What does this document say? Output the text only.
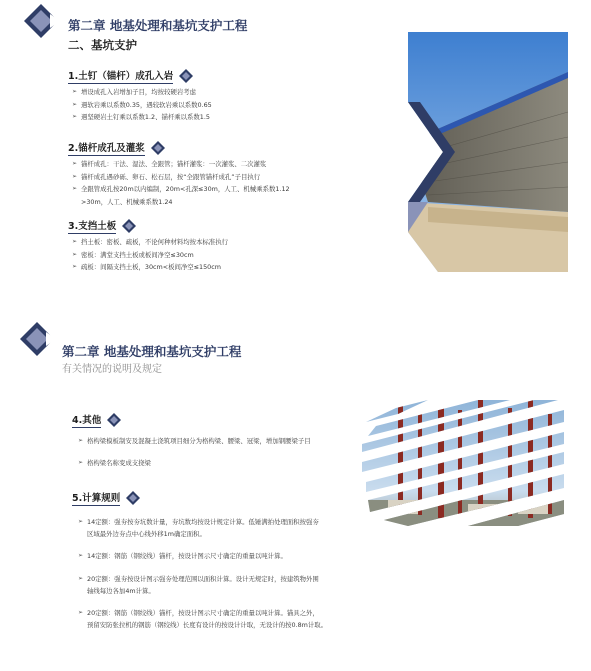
第二章 地基处理和基坑支护工程
二、基坑支护
1.土钉（锚杆）成孔入岩
➢ 增设成孔入岩增加子目，均按较硬岩考虑
➢ 遇软岩乘以系数0.35，遇较软岩乘以系数0.65
➢ 遇坚硬岩土钉乘以系数1.2、锚杆乘以系数1.5
2.锚杆成孔及灌浆
➢ 锚杆成孔：干法、湿法、全跟管；锚杆灌浆：一次灌浆、二次灌浆
➢ 锚杆成孔遇砂砾、卵石、松石层，按“全跟管锚杆成孔”子目执行
➢ 全跟管成孔按20m以内编制，20m<孔深≤30m，人工、机械乘系数1.12
>30m，人工、机械乘系数1.24
3.支挡土板
➢ 挡土板：密板、疏板，不论何种材料均按本标准执行
➢ 密板：满堂支挡土板或板间净空≤30cm
➢ 疏板：间隔支挡土板，30cm<板间净空≤150cm
第二章 地基处理和基坑支护工程
有关情况的说明及规定
4.其他
➢ 格构梁模板制安及混凝土浇筑项目细分为格构梁、腰梁、冠梁，增加钢腰梁子目
➢ 格构梁名称变成支挠梁
5.计算规则
➢ 14定额：强夯按夯坑数计量，夯坑数均按设计规定计算。低锤满拍处理面积按强夯
区域最外边夯点中心线外移1m确定面积。
➢ 14定额：钢筋（钢绞线）锚杆，按设计图示尺寸确定的重量以吨计算。
➢ 20定额：强夯按设计图示强夯处理范围以面积计算。设计无规定时，按建筑物外围
轴线每边各加4m计算。
➢ 20定额：钢筋（钢绞线）锚杆，按设计图示尺寸确定的重量以吨计算。锚具之外，
预留安防张拉机的钢筋（钢绞线）长度有设计的按设计计取，无设计的按0.8m计取。
